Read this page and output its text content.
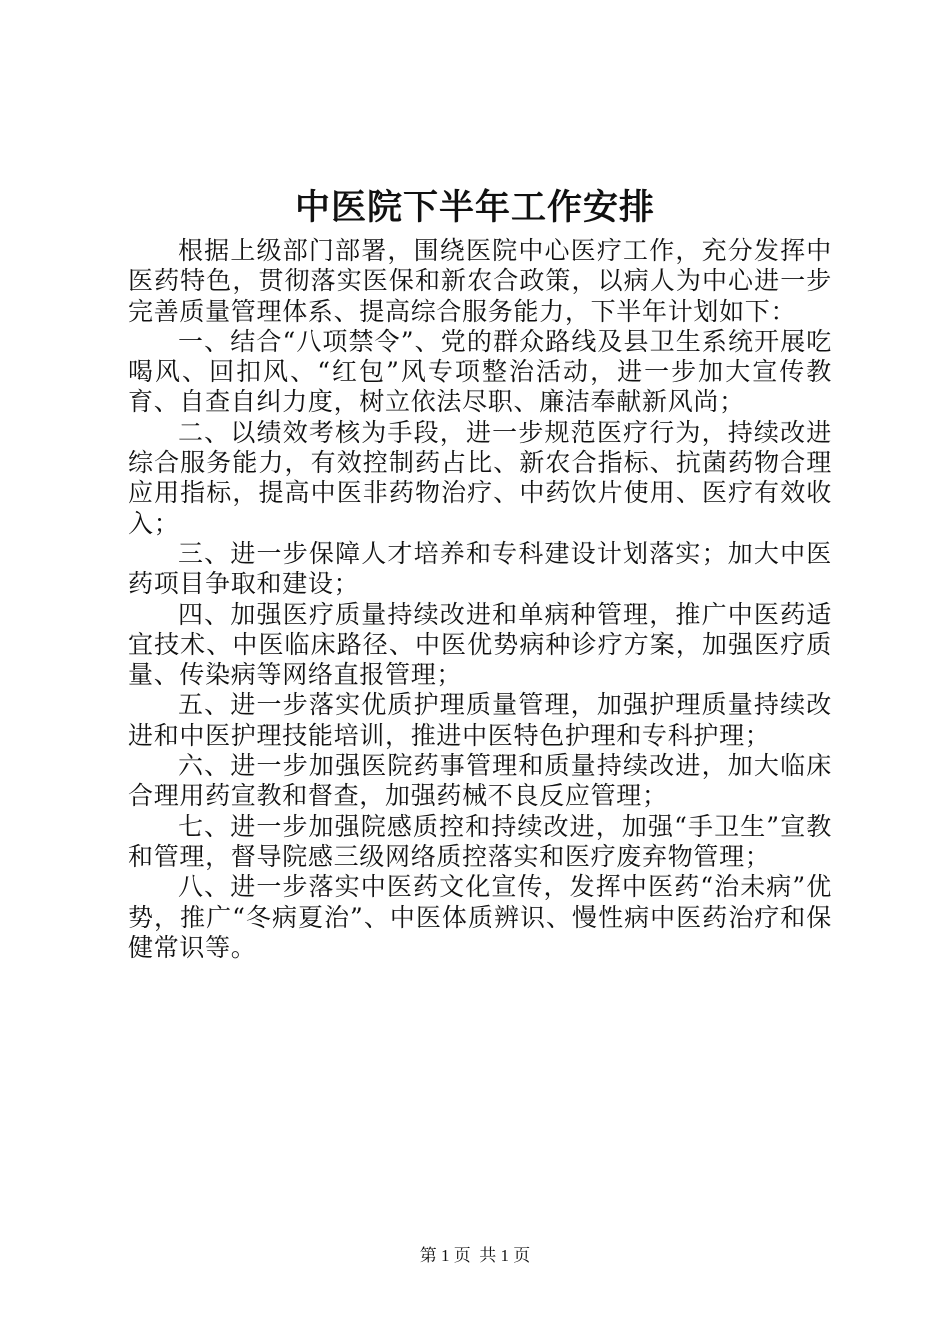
中医院下半年工作安排

根据上级部门部署，围绕医院中心医疗工作，充分发挥中医药特色，贯彻落实医保和新农合政策，以病人为中心进一步完善质量管理体系、提高综合服务能力，下半年计划如下：

一、结合“八项禁令”、党的群众路线及县卫生系统开展吃喝风、回扣风、“红包”风专项整治活动，进一步加大宣传教育、自查自纠力度，树立依法尽职、廉洁奉献新风尚；

二、以绩效考核为手段，进一步规范医疗行为，持续改进综合服务能力，有效控制药占比、新农合指标、抗菌药物合理应用指标，提高中医非药物治疗、中药饮片使用、医疗有效收入；

三、进一步保障人才培养和专科建设计划落实；加大中医药项目争取和建设；

四、加强医疗质量持续改进和单病种管理，推广中医药适宜技术、中医临床路径、中医优势病种诊疗方案，加强医疗质量、传染病等网络直报管理；

五、进一步落实优质护理质量管理，加强护理质量持续改进和中医护理技能培训，推进中医特色护理和专科护理；

六、进一步加强医院药事管理和质量持续改进，加大临床合理用药宣教和督查，加强药械不良反应管理；

七、进一步加强院感质控和持续改进，加强“手卫生”宣教和管理，督导院感三级网络质控落实和医疗废弃物管理；

八、进一步落实中医药文化宣传，发挥中医药“治未病”优势，推广“冬病夏治”、中医体质辨识、慢性病中医药治疗和保健常识等。

第 1 页  共 1 页
